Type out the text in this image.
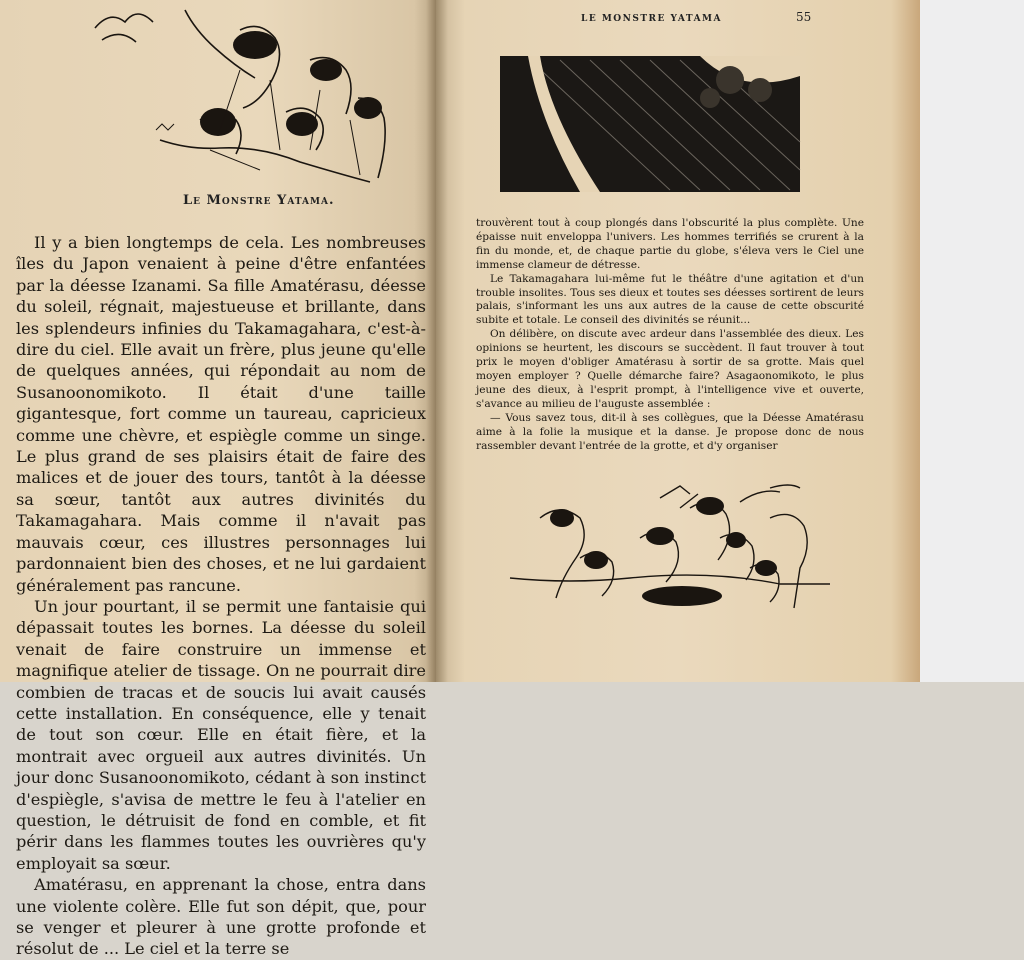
Le Monstre Yatama.

Il y a bien longtemps de cela. Les nombreuses îles du Japon venaient à peine d'être enfantées par la déesse Izanami. Sa fille Amatérasu, déesse du soleil, régnait, majestueuse et brillante, dans les splendeurs infinies du Takamagahara, c'est-à-dire du ciel. Elle avait un frère, plus jeune qu'elle de quelques années, qui répondait au nom de Susanoonomikoto. Il était d'une taille gigantesque, fort comme un taureau, capricieux comme une chèvre, et espiègle comme un singe. Le plus grand de ses plaisirs était de faire des malices et de jouer des tours, tantôt à la déesse sa sœur, tantôt aux autres divinités du Takamagahara. Mais comme il n'avait pas mauvais cœur, ces illustres personnages lui pardonnaient bien des choses, et ne lui gardaient généralement pas rancune.

Un jour pourtant, il se permit une fantaisie qui dépassait toutes les bornes. La déesse du soleil venait de faire construire un immense et magnifique atelier de tissage. On ne pourrait dire combien de tracas et de soucis lui avait causés cette installation. En conséquence, elle y tenait de tout son cœur. Elle en était fière, et la montrait avec orgueil aux autres divinités. Un jour donc Susanoonomikoto, cédant à son instinct d'espiègle, s'avisa de mettre le feu à l'atelier en question, le détruisit de fond en comble, et fit périr dans les flammes toutes les ouvrières qu'y employait sa sœur.

Amatérasu, en apprenant la chose, entra dans une violente colère. Elle fut son dépit, que, pour se venger et pleurer à une grotte profonde et résolut de ... Le ciel et la terre se

LE MONSTRE YATAMA	55

trouvèrent tout à coup plongés dans l'obscurité la plus complète. Une épaisse nuit enveloppa l'univers. Les hommes terrifiés se crurent à la fin du monde, et, de chaque partie du globe, s'éleva vers le Ciel une immense clameur de détresse.

Le Takamagahara lui-même fut le théâtre d'une agitation et d'un trouble insolites. Tous ses dieux et toutes ses déesses sortirent de leurs palais, s'informant les uns aux autres de la cause de cette obscurité subite et totale. Le conseil des divinités se réunit...

On délibère, on discute avec ardeur dans l'assemblée des dieux. Les opinions se heurtent, les discours se succèdent. Il faut trouver à tout prix le moyen d'obliger Amatérasu à sortir de sa grotte. Mais quel moyen employer ? Quelle démarche faire? Asagaonomikoto, le plus jeune des dieux, à l'esprit prompt, à l'intelligence vive et ouverte, s'avance au milieu de l'auguste assemblée :

— Vous savez tous, dit-il à ses collègues, que la Déesse Amatérasu aime à la folie la musique et la danse. Je propose donc de nous rassembler devant l'entrée de la grotte, et d'y organiser
